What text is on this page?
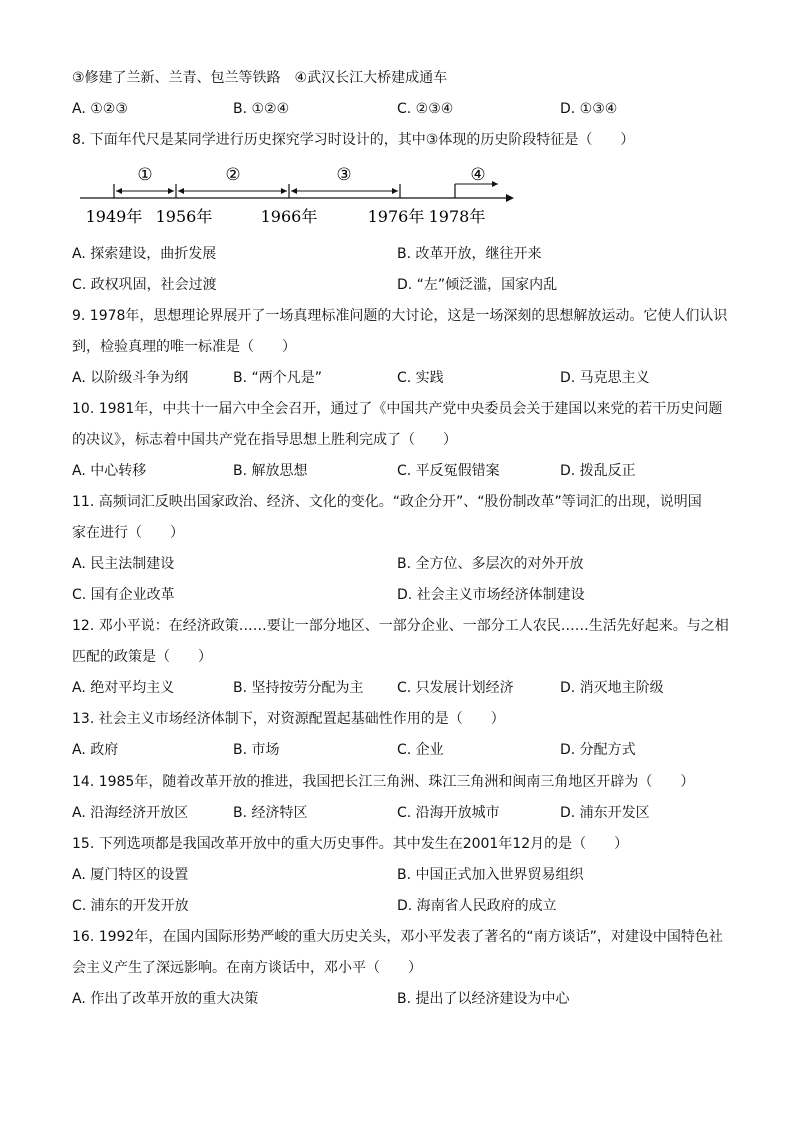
③修建了兰新、兰青、包兰等铁路　④武汉长江大桥建成通车
A. ①②③	B. ①②④	C. ②③④	D. ①③④
8. 下面年代尺是某同学进行历史探究学习时设计的，其中③体现的历史阶段特征是（　　）
①	②	③	④
1949年 1956年	1966年	1976年 1978年
A. 探索建设，曲折发展	B. 改革开放，继往开来
C. 政权巩固，社会过渡	D. “左”倾泛滥，国家内乱
9. 1978年，思想理论界展开了一场真理标准问题的大讨论，这是一场深刻的思想解放运动。它使人们认识
到，检验真理的唯一标准是（　　）
A. 以阶级斗争为纲	B. “两个凡是”	C. 实践	D. 马克思主义
10. 1981年，中共十一届六中全会召开，通过了《中国共产党中央委员会关于建国以来党的若干历史问题
的决议》，标志着中国共产党在指导思想上胜利完成了（　　）
A. 中心转移	B. 解放思想	C. 平反冤假错案	D. 拨乱反正
11. 高频词汇反映出国家政治、经济、文化的变化。“政企分开”、“股份制改革”等词汇的出现，说明国
家在进行（　　）
A. 民主法制建设	B. 全方位、多层次的对外开放
C. 国有企业改革	D. 社会主义市场经济体制建设
12. 邓小平说：在经济政策……要让一部分地区、一部分企业、一部分工人农民……生活先好起来。与之相
匹配的政策是（　　）
A. 绝对平均主义	B. 坚持按劳分配为主 C. 只发展计划经济	D. 消灭地主阶级
13. 社会主义市场经济体制下，对资源配置起基础性作用的是（　　）
A. 政府	B. 市场	C. 企业	D. 分配方式
14. 1985年，随着改革开放的推进，我国把长江三角洲、珠江三角洲和闽南三角地区开辟为（　　）
A. 沿海经济开放区	B. 经济特区	C. 沿海开放城市	D. 浦东开发区
15. 下列选项都是我国改革开放中的重大历史事件。其中发生在2001年12月的是（　　）
A. 厦门特区的设置	B. 中国正式加入世界贸易组织
C. 浦东的开发开放	D. 海南省人民政府的成立
16. 1992年，在国内国际形势严峻的重大历史关头，邓小平发表了著名的“南方谈话”，对建设中国特色社
会主义产生了深远影响。在南方谈话中，邓小平（　　）
A. 作出了改革开放的重大决策	B. 提出了以经济建设为中心
